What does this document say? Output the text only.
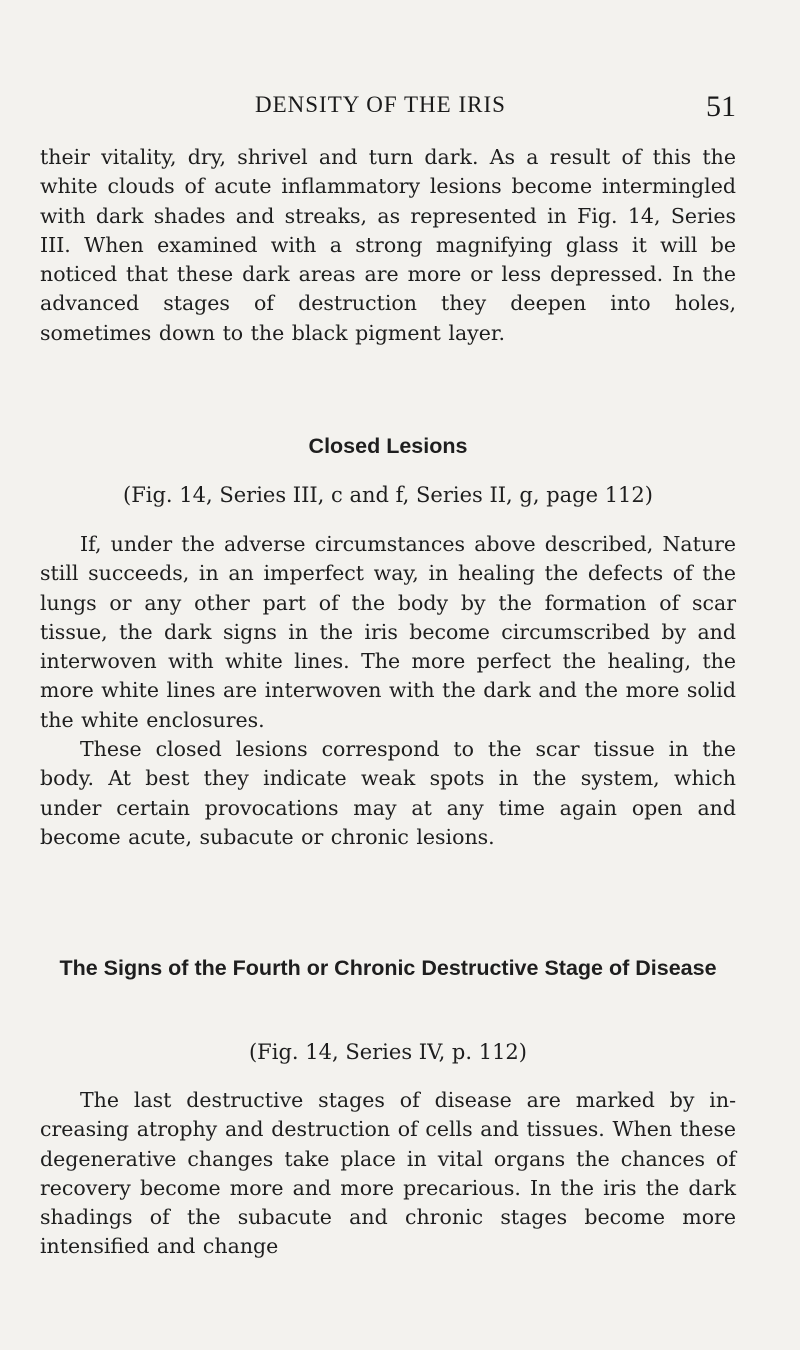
DENSITY OF THE IRIS	51

their vitality, dry, shrivel and turn dark. As a result of this the white clouds of acute inflammatory lesions become intermingled with dark shades and streaks, as represented in Fig. 14, Series III. When examined with a strong magnifying glass it will be noticed that these dark areas are more or less depressed. In the advanced stages of destruction they deepen into holes, sometimes down to the black pigment layer.

Closed Lesions

(Fig. 14, Series III, c and f, Series II, g, page 112)

If, under the adverse circumstances above described, Nature still succeeds, in an imperfect way, in healing the defects of the lungs or any other part of the body by the formation of scar tissue, the dark signs in the iris become circumscribed by and interwoven with white lines. The more perfect the healing, the more white lines are interwoven with the dark and the more solid the white enclosures.

These closed lesions correspond to the scar tissue in the body. At best they indicate weak spots in the system, which under certain provocations may at any time again open and become acute, subacute or chronic lesions.

The Signs of the Fourth or Chronic Destructive Stage of Disease

(Fig. 14, Series IV, p. 112)

The last destructive stages of disease are marked by increasing atrophy and destruction of cells and tissues. When these degenerative changes take place in vital organs the chances of recovery become more and more precarious. In the iris the dark shadings of the subacute and chronic stages become more intensified and change
